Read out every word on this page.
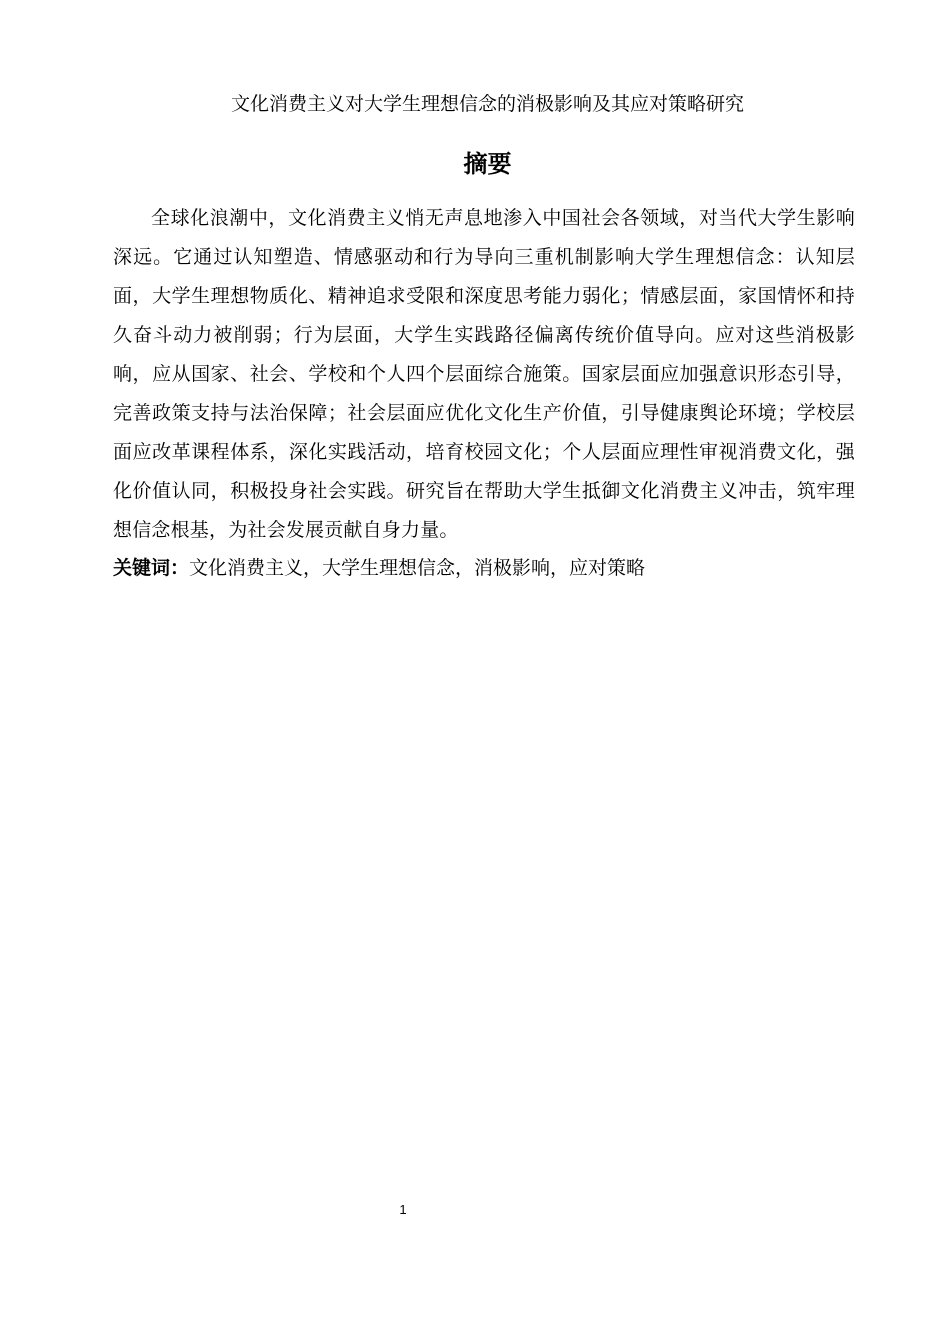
文化消费主义对大学生理想信念的消极影响及其应对策略研究
摘要

全球化浪潮中，文化消费主义悄无声息地渗入中国社会各领域，对当代大学生影响深远。它通过认知塑造、情感驱动和行为导向三重机制影响大学生理想信念：认知层面，大学生理想物质化、精神追求受限和深度思考能力弱化；情感层面，家国情怀和持久奋斗动力被削弱；行为层面，大学生实践路径偏离传统价值导向。应对这些消极影响，应从国家、社会、学校和个人四个层面综合施策。国家层面应加强意识形态引导，完善政策支持与法治保障；社会层面应优化文化生产价值，引导健康舆论环境；学校层面应改革课程体系，深化实践活动，培育校园文化；个人层面应理性审视消费文化，强化价值认同，积极投身社会实践。研究旨在帮助大学生抵御文化消费主义冲击，筑牢理想信念根基，为社会发展贡献自身力量。

关键词：文化消费主义，大学生理想信念，消极影响，应对策略
1
